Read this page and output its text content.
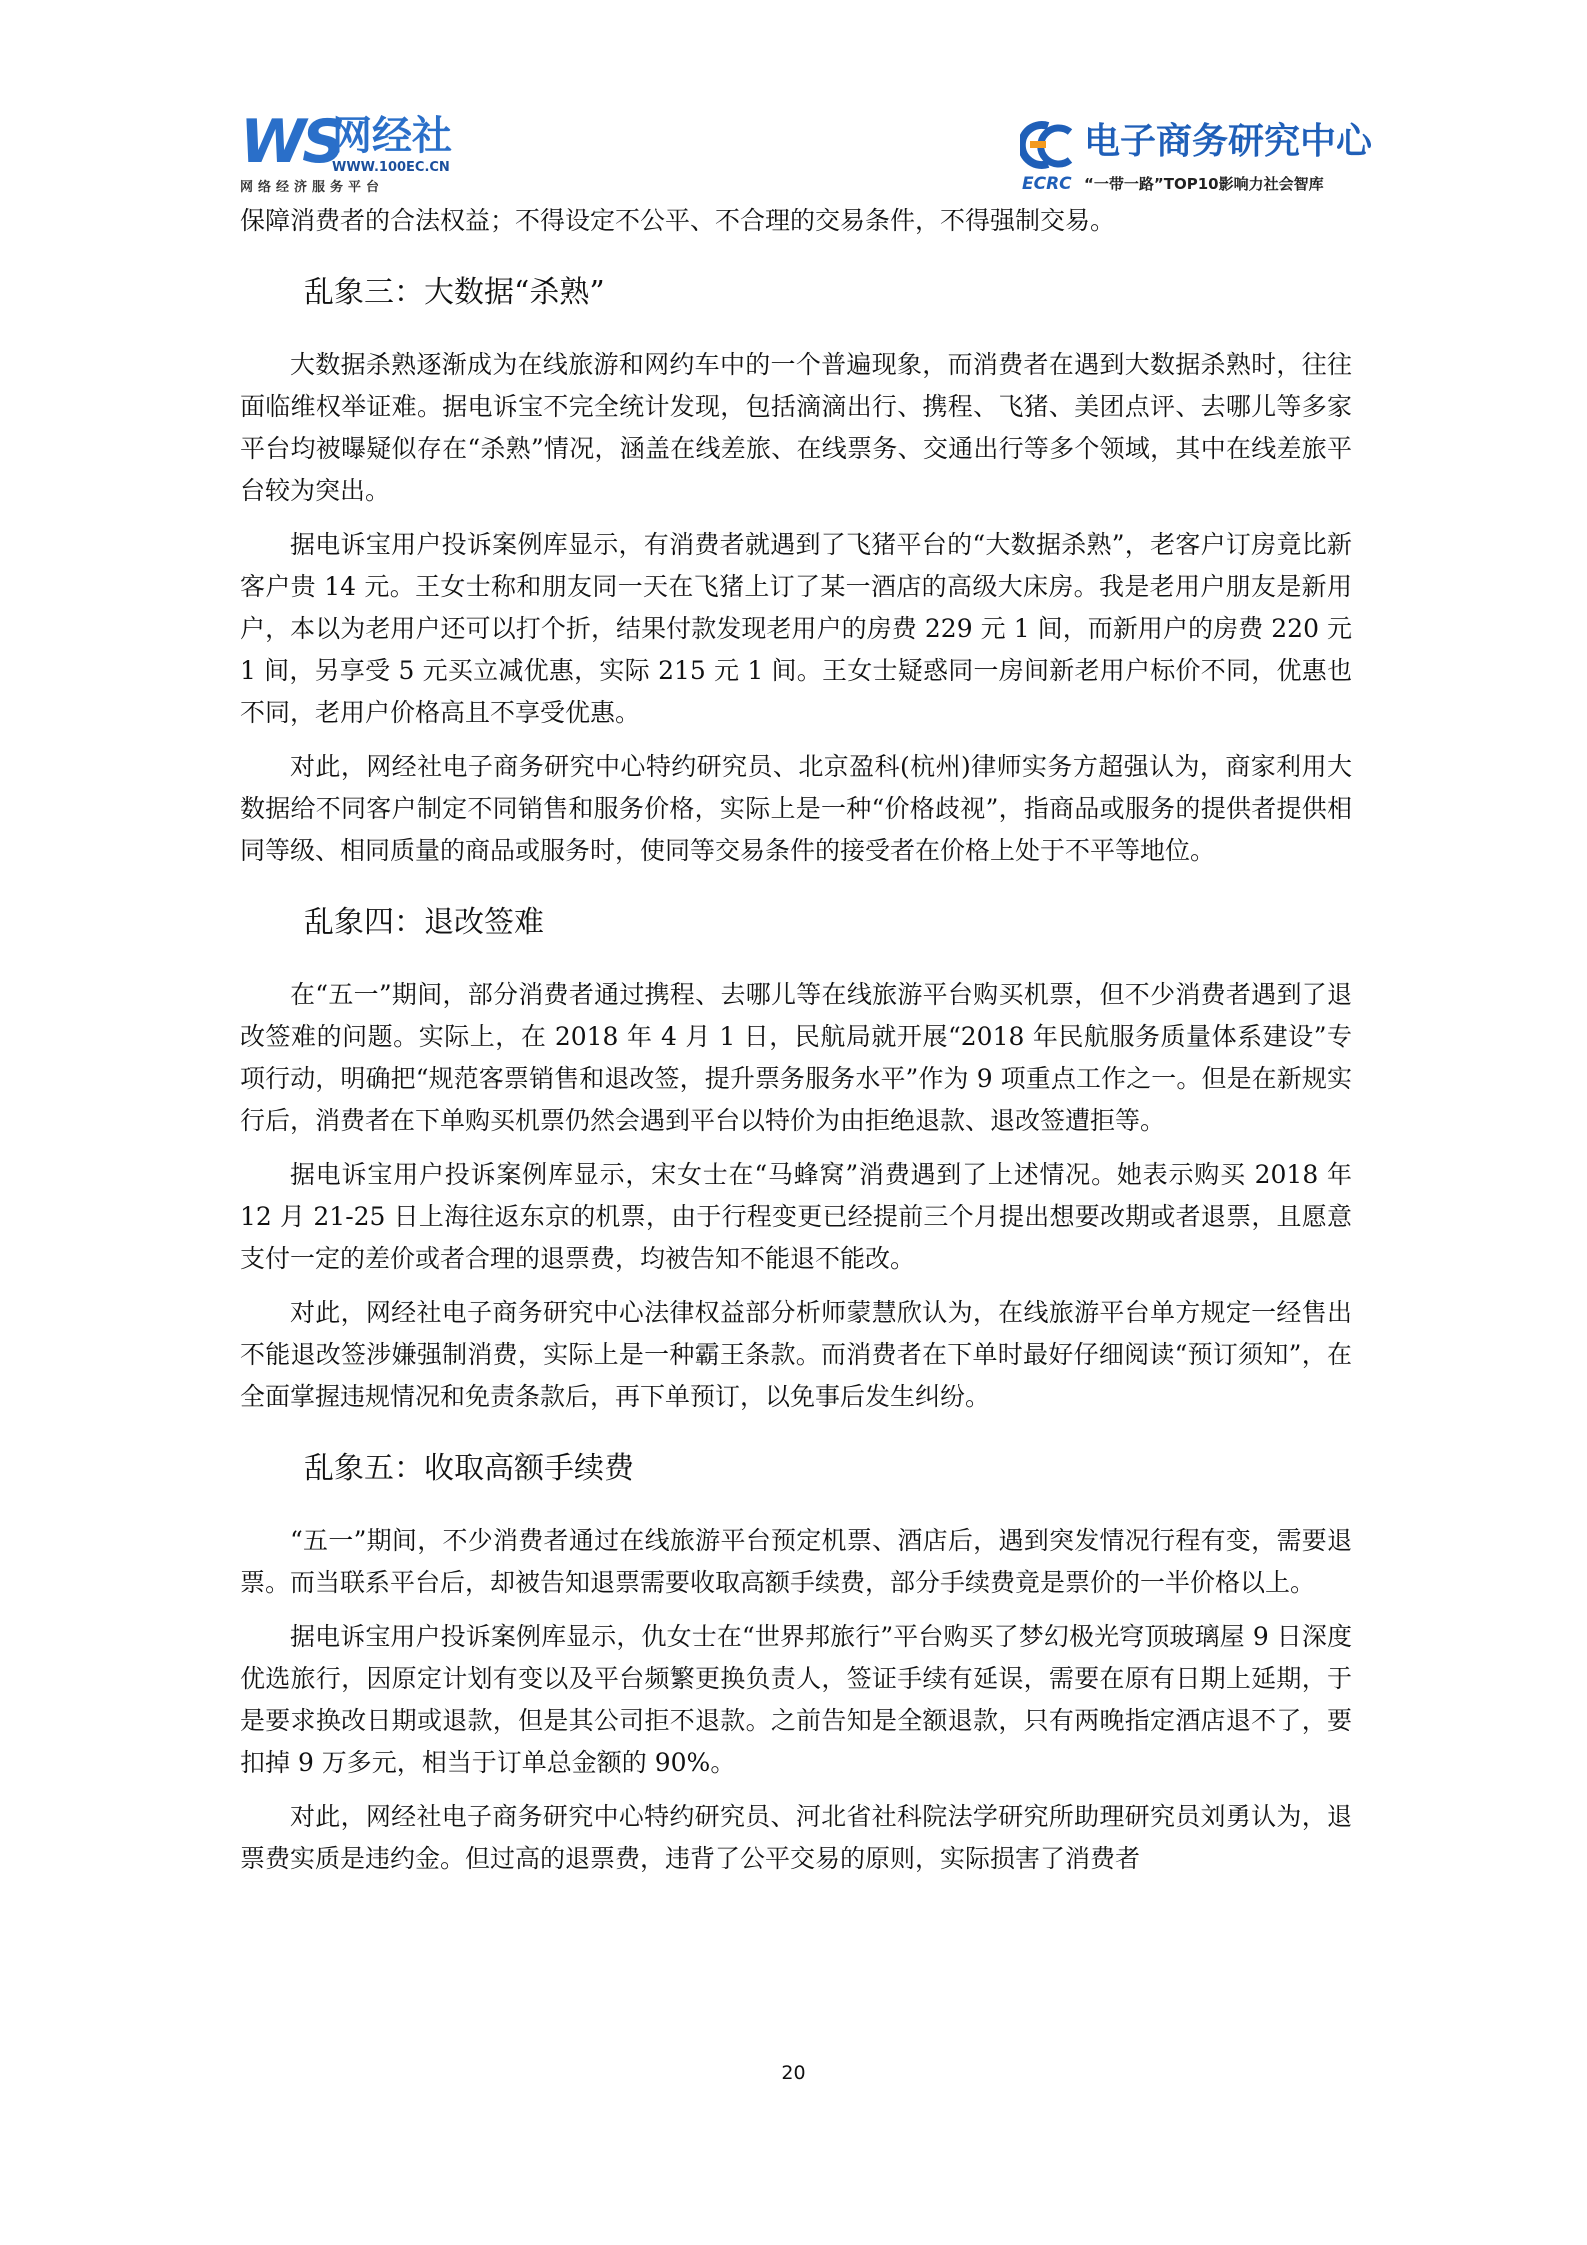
WS
网经社
WWW.100EC.CN
网络经济服务平台
电子商务研究中心
ECRC “一带一路”TOP10影响力社会智库

保障消费者的合法权益；不得设定不公平、不合理的交易条件，不得强制交易。

乱象三：大数据“杀熟”

大数据杀熟逐渐成为在线旅游和网约车中的一个普遍现象，而消费者在遇到大数据杀熟时，往往面临维权举证难。据电诉宝不完全统计发现，包括滴滴出行、携程、飞猪、美团点评、去哪儿等多家平台均被曝疑似存在“杀熟”情况，涵盖在线差旅、在线票务、交通出行等多个领域，其中在线差旅平台较为突出。

据电诉宝用户投诉案例库显示，有消费者就遇到了飞猪平台的“大数据杀熟”，老客户订房竟比新客户贵 14 元。王女士称和朋友同一天在飞猪上订了某一酒店的高级大床房。我是老用户朋友是新用户，本以为老用户还可以打个折，结果付款发现老用户的房费 229 元 1 间，而新用户的房费 220 元 1 间，另享受 5 元买立减优惠，实际 215 元 1 间。王女士疑惑同一房间新老用户标价不同，优惠也不同，老用户价格高且不享受优惠。

对此，网经社电子商务研究中心特约研究员、北京盈科(杭州)律师实务方超强认为，商家利用大数据给不同客户制定不同销售和服务价格，实际上是一种“价格歧视”，指商品或服务的提供者提供相同等级、相同质量的商品或服务时，使同等交易条件的接受者在价格上处于不平等地位。

乱象四：退改签难

在“五一”期间，部分消费者通过携程、去哪儿等在线旅游平台购买机票，但不少消费者遇到了退改签难的问题。实际上，在 2018 年 4 月 1 日，民航局就开展“2018 年民航服务质量体系建设”专项行动，明确把“规范客票销售和退改签，提升票务服务水平”作为 9 项重点工作之一。但是在新规实行后，消费者在下单购买机票仍然会遇到平台以特价为由拒绝退款、退改签遭拒等。

据电诉宝用户投诉案例库显示，宋女士在“马蜂窝”消费遇到了上述情况。她表示购买 2018 年 12 月 21-25 日上海往返东京的机票，由于行程变更已经提前三个月提出想要改期或者退票，且愿意支付一定的差价或者合理的退票费，均被告知不能退不能改。

对此，网经社电子商务研究中心法律权益部分析师蒙慧欣认为，在线旅游平台单方规定一经售出不能退改签涉嫌强制消费，实际上是一种霸王条款。而消费者在下单时最好仔细阅读“预订须知”，在全面掌握违规情况和免责条款后，再下单预订，以免事后发生纠纷。

乱象五：收取高额手续费

“五一”期间，不少消费者通过在线旅游平台预定机票、酒店后，遇到突发情况行程有变，需要退票。而当联系平台后，却被告知退票需要收取高额手续费，部分手续费竟是票价的一半价格以上。

据电诉宝用户投诉案例库显示，仇女士在“世界邦旅行”平台购买了梦幻极光穹顶玻璃屋 9 日深度优选旅行，因原定计划有变以及平台频繁更换负责人，签证手续有延误，需要在原有日期上延期，于是要求换改日期或退款，但是其公司拒不退款。之前告知是全额退款，只有两晚指定酒店退不了，要扣掉 9 万多元，相当于订单总金额的 90%。

对此，网经社电子商务研究中心特约研究员、河北省社科院法学研究所助理研究员刘勇认为，退票费实质是违约金。但过高的退票费，违背了公平交易的原则，实际损害了消费者

20
